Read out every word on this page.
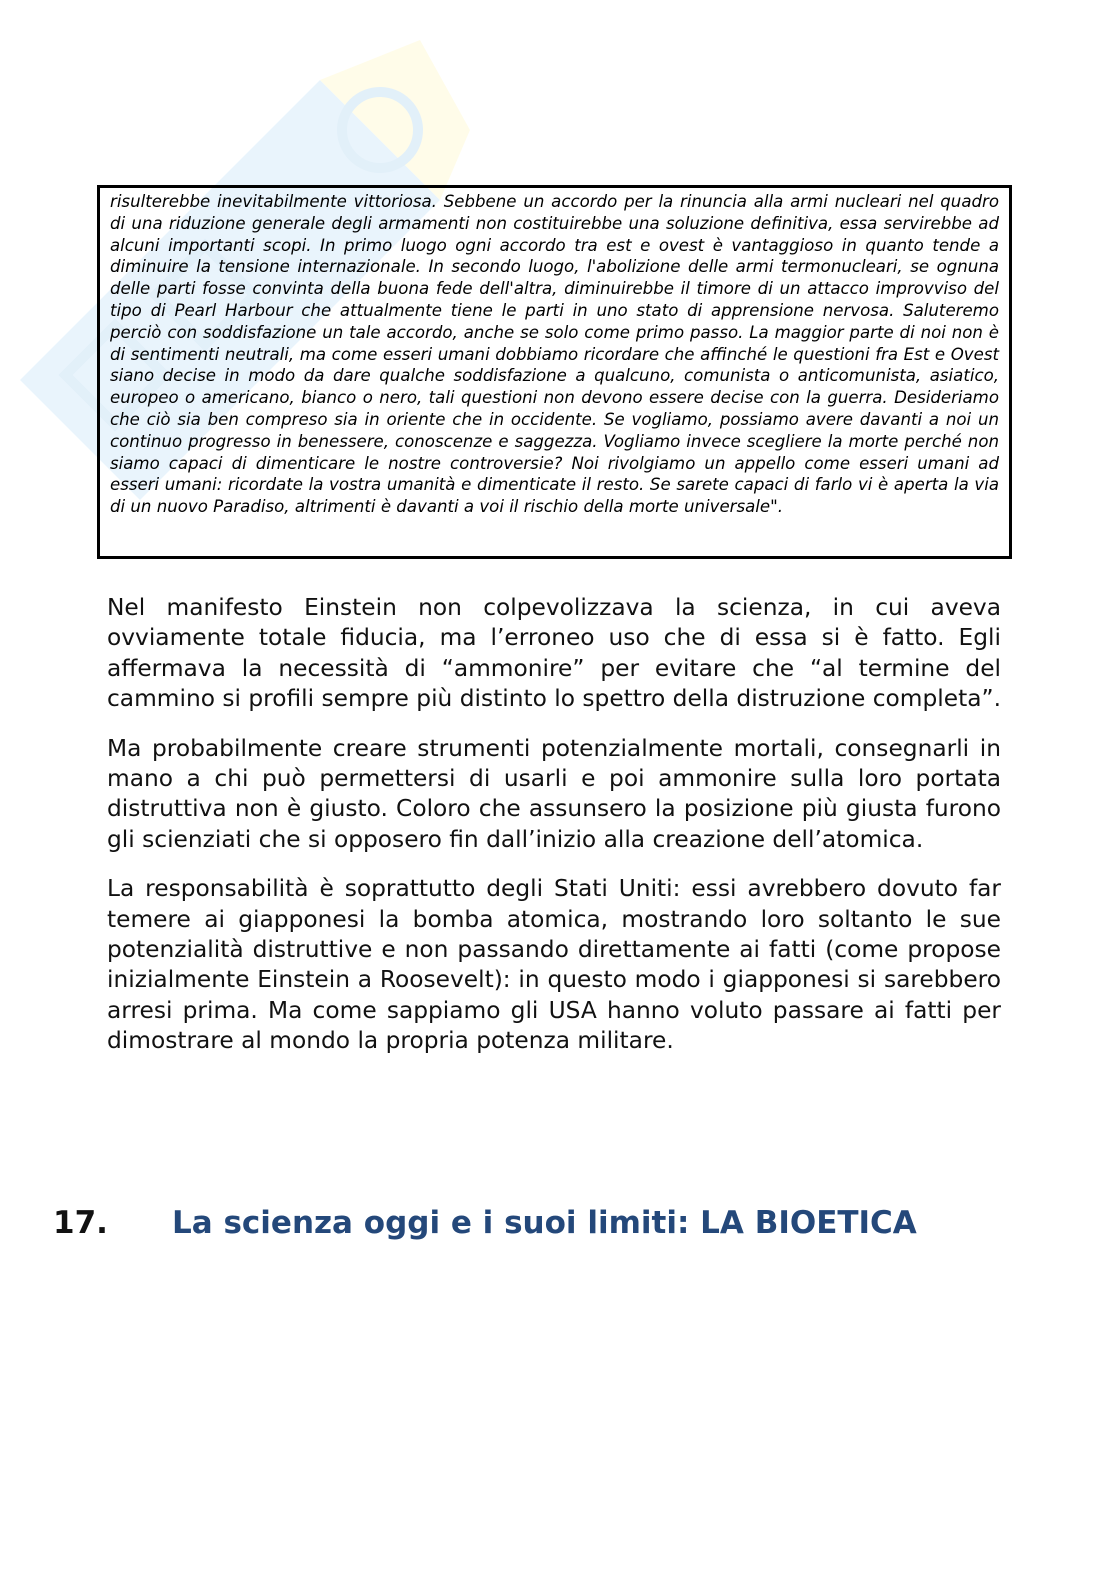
risulterebbe inevitabilmente vittoriosa. Sebbene un accordo per la rinuncia alla armi nucleari nel quadro di una riduzione generale degli armamenti non costituirebbe una soluzione definitiva, essa servirebbe ad alcuni importanti scopi. In primo luogo ogni accordo tra est e ovest è vantaggioso in quanto tende a diminuire la tensione internazionale. In secondo luogo, l'abolizione delle armi termonucleari, se ognuna delle parti fosse convinta della buona fede dell'altra, diminuirebbe il timore di un attacco improvviso del tipo di Pearl Harbour che attualmente tiene le parti in uno stato di apprensione nervosa. Saluteremo perciò con soddisfazione un tale accordo, anche se solo come primo passo. La maggior parte di noi non è di sentimenti neutrali, ma come esseri umani dobbiamo ricordare che affinché le questioni fra Est e Ovest siano decise in modo da dare qualche soddisfazione a qualcuno, comunista o anticomunista, asiatico, europeo o americano, bianco o nero, tali questioni non devono essere decise con la guerra. Desideriamo che ciò sia ben compreso sia in oriente che in occidente. Se vogliamo, possiamo avere davanti a noi un continuo progresso in benessere, conoscenze e saggezza. Vogliamo invece scegliere la morte perché non siamo capaci di dimenticare le nostre controversie? Noi rivolgiamo un appello come esseri umani ad esseri umani: ricordate la vostra umanità e dimenticate il resto. Se sarete capaci di farlo vi è aperta la via di un nuovo Paradiso, altrimenti è davanti a voi il rischio della morte universale".

Nel manifesto Einstein non colpevolizzava la scienza, in cui aveva ovviamente totale fiducia, ma l’erroneo uso che di essa si è fatto. Egli affermava la necessità di “ammonire” per evitare che “al termine del cammino si profili sempre più distinto lo spettro della distruzione completa”.

Ma probabilmente creare strumenti potenzialmente mortali, consegnarli in mano a chi può permettersi di usarli e poi ammonire sulla loro portata distruttiva non è giusto. Coloro che assunsero la posizione più giusta furono gli scienziati che si opposero fin dall’inizio alla creazione dell’atomica.

La responsabilità è soprattutto degli Stati Uniti: essi avrebbero dovuto far temere ai giapponesi la bomba atomica, mostrando loro soltanto le sue potenzialità distruttive e non passando direttamente ai fatti (come propose inizialmente Einstein a Roosevelt): in questo modo i giapponesi si sarebbero arresi prima. Ma come sappiamo gli USA hanno voluto passare ai fatti per dimostrare al mondo la propria potenza militare.

17. La scienza oggi e i suoi limiti: LA BIOETICA
